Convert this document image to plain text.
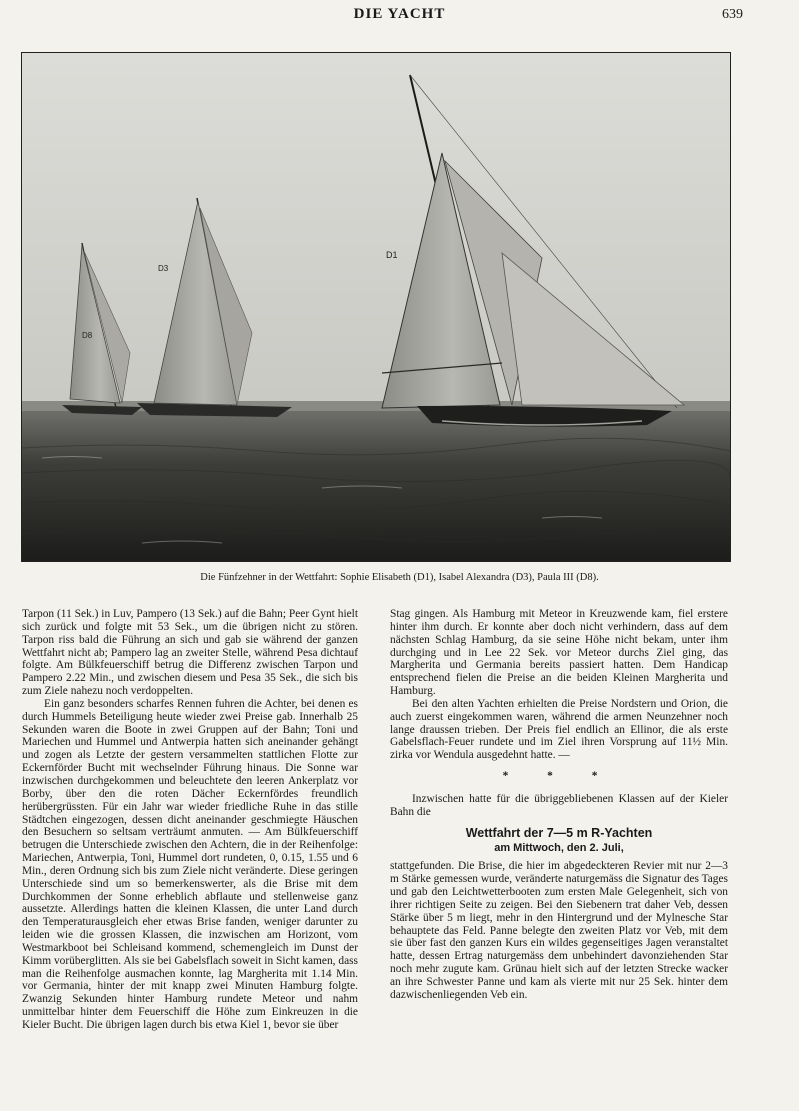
DIE YACHT	639
D8
D3
D1
Die Fünfzehner in der Wettfahrt: Sophie Elisabeth (D1), Isabel Alexandra (D3), Paula III (D8).

Tarpon (11 Sek.) in Luv, Pampero (13 Sek.) auf die Bahn; Peer Gynt hielt sich zurück und folgte mit 53 Sek., um die übrigen nicht zu stören. Tarpon riss bald die Führung an sich und gab sie während der ganzen Wettfahrt nicht ab; Pampero lag an zweiter Stelle, während Pesa dichtauf folgte. Am Bülkfeuerschiff betrug die Differenz zwischen Tarpon und Pampero 2.22 Min., und zwischen diesem und Pesa 35 Sek., die sich bis zum Ziele nahezu noch verdoppelten.

Ein ganz besonders scharfes Rennen fuhren die Achter, bei denen es durch Hummels Beteiligung heute wieder zwei Preise gab. Innerhalb 25 Sekunden waren die Boote in zwei Gruppen auf der Bahn; Toni und Mariechen und Hummel und Antwerpia hatten sich aneinander gehängt und zogen als Letzte der gestern versammelten stattlichen Flotte zur Eckernförder Bucht mit wechselnder Führung hinaus. Die Sonne war inzwischen durchgekommen und beleuchtete den leeren Ankerplatz vor Borby, über den die roten Dächer Eckernfördes freundlich herübergrüssten. Für ein Jahr war wieder friedliche Ruhe in das stille Städtchen eingezogen, dessen dicht aneinander geschmiegte Häuschen den Besuchern so seltsam verträumt anmuten. — Am Bülkfeuerschiff betrugen die Unterschiede zwischen den Achtern, die in der Reihenfolge: Mariechen, Antwerpia, Toni, Hummel dort rundeten, 0, 0.15, 1.55 und 6 Min., deren Ordnung sich bis zum Ziele nicht veränderte. Diese geringen Unterschiede sind um so bemerkenswerter, als die Brise mit dem Durchkommen der Sonne erheblich abflaute und stellenweise ganz aussetzte. Allerdings hatten die kleinen Klassen, die unter Land durch den Temperaturausgleich eher etwas Brise fanden, weniger darunter zu leiden wie die grossen Klassen, die inzwischen am Horizont, vom Westmarkboot bei Schleisand kommend, schemengleich im Dunst der Kimm vorüberglitten. Als sie bei Gabelsflach soweit in Sicht kamen, dass man die Reihenfolge ausmachen konnte, lag Margherita mit 1.14 Min. vor Germania, hinter der mit knapp zwei Minuten Hamburg folgte. Zwanzig Sekunden hinter Hamburg rundete Meteor und nahm unmittelbar hinter dem Feuerschiff die Höhe zum Einkreuzen in die Kieler Bucht. Die übrigen lagen durch bis etwa Kiel 1, bevor sie über

Stag gingen. Als Hamburg mit Meteor in Kreuzwende kam, fiel erstere hinter ihm durch. Er konnte aber doch nicht verhindern, dass auf dem nächsten Schlag Hamburg, da sie seine Höhe nicht bekam, unter ihm durchging und in Lee 22 Sek. vor Meteor durchs Ziel ging, das Margherita und Germania bereits passiert hatten. Dem Handicap entsprechend fielen die Preise an die beiden Kleinen Margherita und Hamburg.

Bei den alten Yachten erhielten die Preise Nordstern und Orion, die auch zuerst eingekommen waren, während die armen Neunzehner noch lange draussen trieben. Der Preis fiel endlich an Ellinor, die als erste Gabelsflach-Feuer rundete und im Ziel ihren Vorsprung auf 11½ Min. zirka vor Wendula ausgedehnt hatte. —

* * *

Inzwischen hatte für die übriggebliebenen Klassen auf der Kieler Bahn die

Wettfahrt der 7—5 m R-Yachten
am Mittwoch, den 2. Juli,

stattgefunden. Die Brise, die hier im abgedeckteren Revier mit nur 2—3 m Stärke gemessen wurde, veränderte naturgemäss die Signatur des Tages und gab den Leichtwetterbooten zum ersten Male Gelegenheit, sich von ihrer richtigen Seite zu zeigen. Bei den Siebenern trat daher Veb, dessen Stärke über 5 m liegt, mehr in den Hintergrund und der Mylnesche Star behauptete das Feld. Panne belegte den zweiten Platz vor Veb, mit dem sie über fast den ganzen Kurs ein wildes gegenseitiges Jagen veranstaltet hatte, dessen Ertrag naturgemäss dem unbehindert davonziehenden Star noch mehr zugute kam. Grünau hielt sich auf der letzten Strecke wacker an ihre Schwester Panne und kam als vierte mit nur 25 Sek. hinter dem dazwischenliegenden Veb ein.
